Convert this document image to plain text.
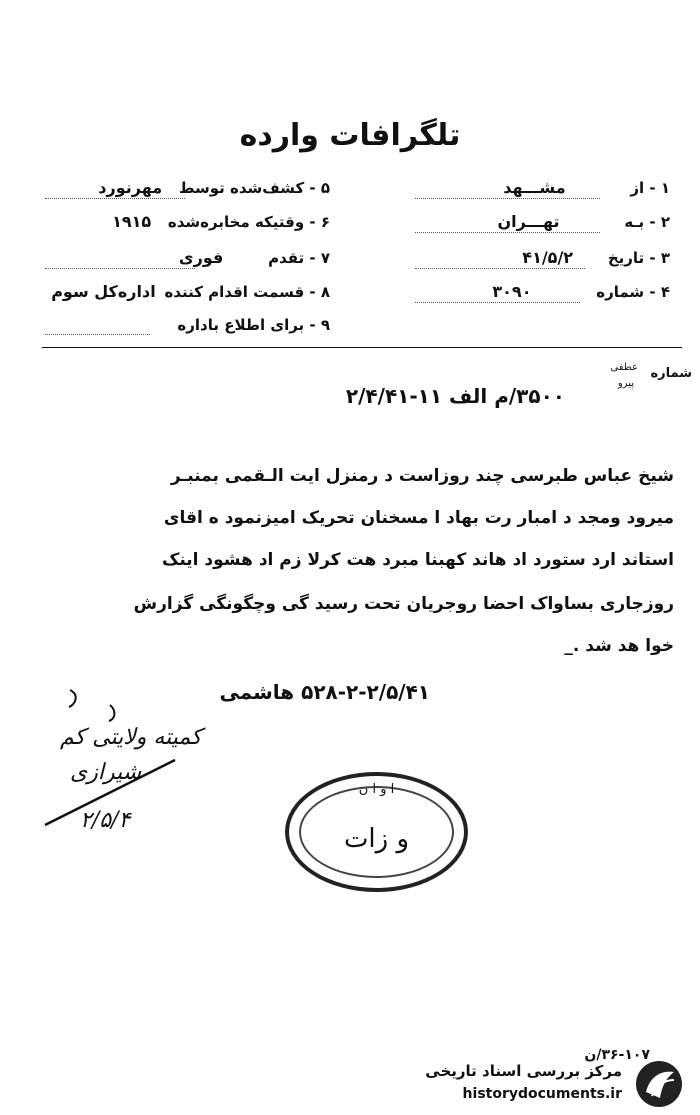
تلگرافات وارده
۱ - از مشـــهد
۲ - بـه تهـــران
۳ - تاریخ ۴۱/۵/۲
۴ - شماره ۳۰۹۰
۵ - کشف‌شده توسط مهرنورد
۶ - وقتیکه مخابره‌شده ۱۹۱۵
۷ - تقدم فوری
۸ - قسمت اقدام کننده اداره‌کل سوم
۹ - برای اطلاع باداره
شماره
عطفی
پیرو
۳۵۰۰/م الف ۱۱-۲/۴/۴۱
شیخ عباس طبرسی چند روزاست د رمنزل ایت الـقمی بمنبـر
میرود ومجد د امبار رت بهاد ا مسخنان تحریک امیزنمود ه اقای
استاند ارد ستورد اد هاند کهبنا مبرد هت کرلا زم اد هشود اینک
روزجاری بساواک احضا روجریان تحت رسید گی وچگونگی گزارش
خوا هد شد ._
۵۲۸-۲-۲/۵/۴۱ هاشمی
کمیته ولایتی کم
شیرازی
۲/۵/۴
ا و ا ن
و زات
۳۶-۱۰۷/ن
مرکز بررسی اسناد تاریخی
historydocuments.ir
